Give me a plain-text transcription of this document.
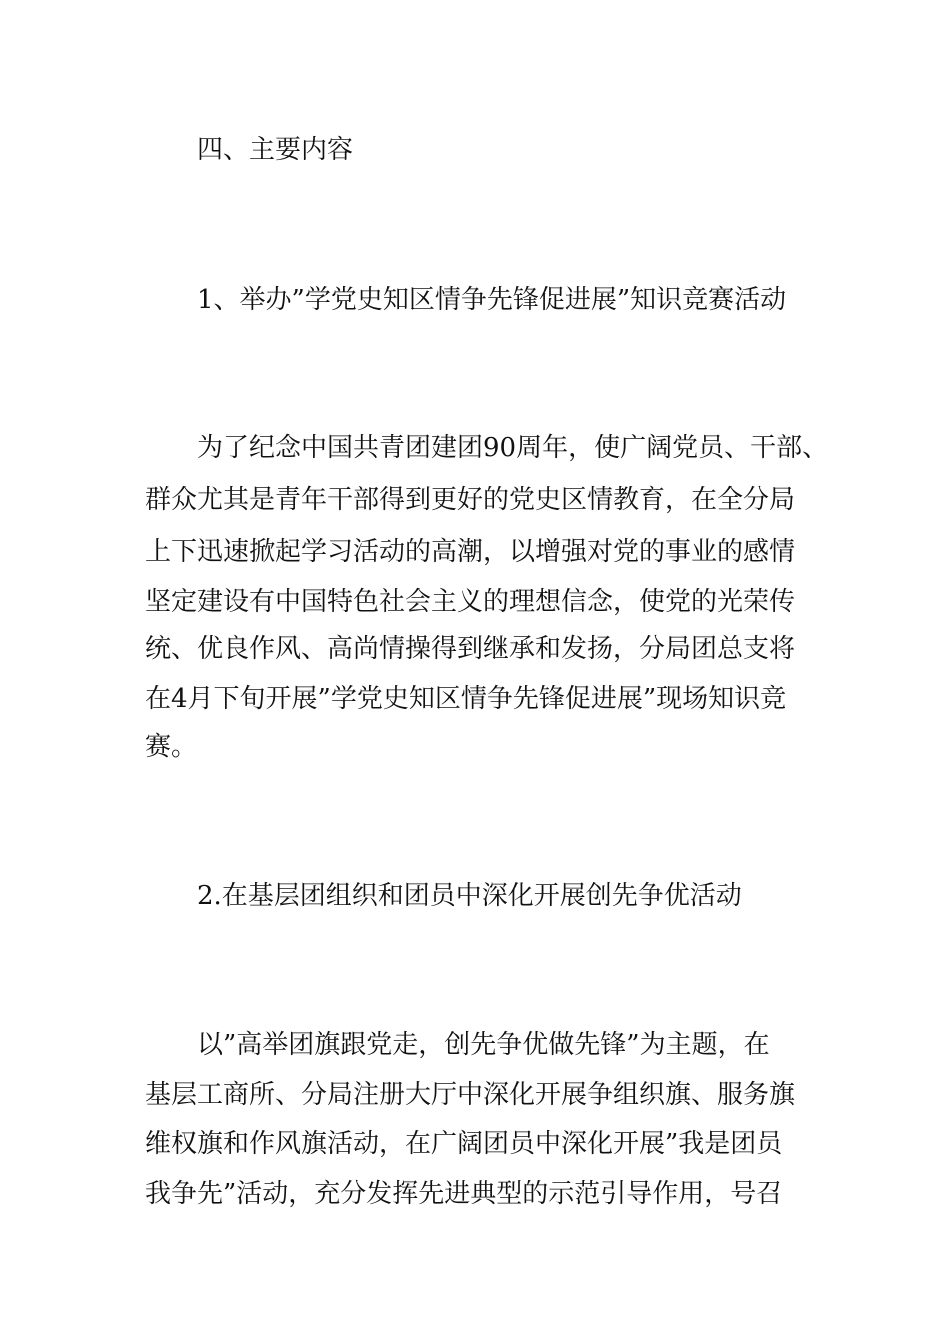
四、主要内容

1、举办”学党史知区情争先锋促进展”知识竞赛活动

为了纪念中国共青团建团90周年，使广阔党员、干部、

群众尤其是青年干部得到更好的党史区情教育，在全分局

上下迅速掀起学习活动的高潮，以增强对党的事业的感情

坚定建设有中国特色社会主义的理想信念，使党的光荣传

统、优良作风、高尚情操得到继承和发扬，分局团总支将

在4月下旬开展”学党史知区情争先锋促进展”现场知识竞

赛。

2.在基层团组织和团员中深化开展创先争优活动

以”高举团旗跟党走，创先争优做先锋”为主题，在

基层工商所、分局注册大厅中深化开展争组织旗、服务旗

维权旗和作风旗活动，在广阔团员中深化开展”我是团员

我争先”活动，充分发挥先进典型的示范引导作用，号召
